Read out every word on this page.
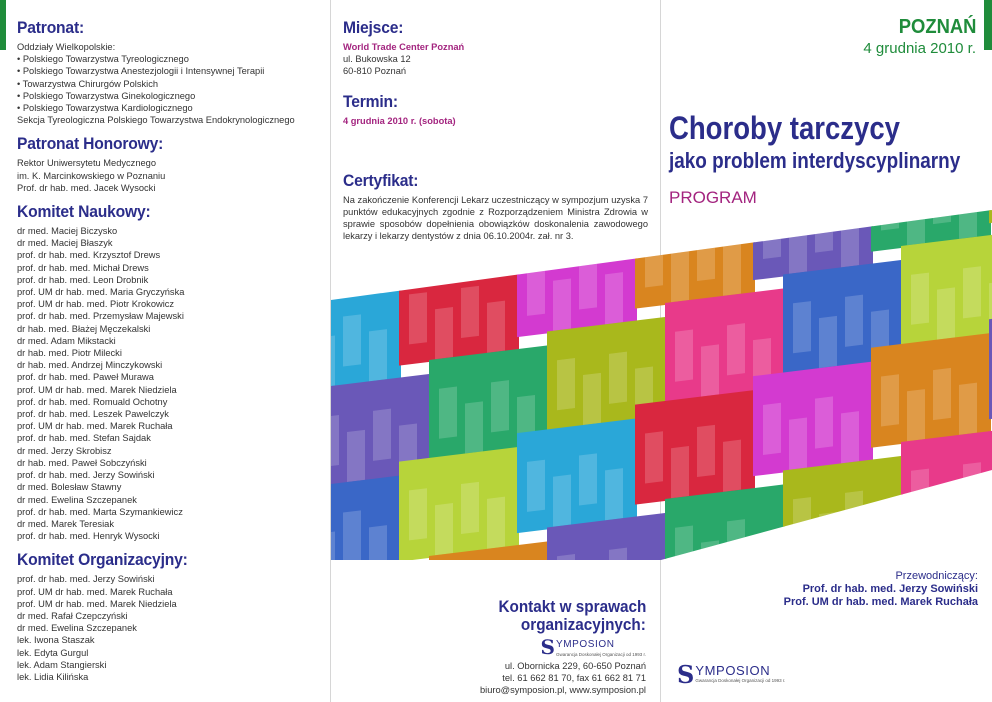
Patronat:
Oddziały Wielkopolskie:
• Polskiego Towarzystwa Tyreologicznego
• Polskiego Towarzystwa Anestezjologii i Intensywnej Terapii
• Towarzystwa Chirurgów Polskich
• Polskiego Towarzystwa Ginekologicznego
• Polskiego Towarzystwa Kardiologicznego
Sekcja Tyreologiczna Polskiego Towarzystwa Endokrynologicznego
Patronat Honorowy:
Rektor Uniwersytetu Medycznego
im. K. Marcinkowskiego w Poznaniu
Prof. dr hab. med. Jacek Wysocki
Komitet Naukowy:
dr med. Maciej Biczysko
dr med. Maciej Błaszyk
prof. dr hab. med. Krzysztof Drews
prof. dr hab. med. Michał Drews
prof. dr hab. med. Leon Drobnik
prof. UM dr hab. med. Maria Gryczyńska
prof. UM dr hab. med. Piotr Krokowicz
prof. dr hab. med. Przemysław Majewski
dr hab. med. Błażej Męczekalski
dr med. Adam Mikstacki
dr hab. med. Piotr Milecki
dr hab. med. Andrzej Minczykowski
prof. dr hab. med. Paweł Murawa
prof. UM dr hab. med. Marek Niedziela
prof. dr hab. med. Romuald Ochotny
prof. dr hab. med. Leszek Pawelczyk
prof. UM dr hab. med. Marek Ruchała
prof. dr hab. med. Stefan Sajdak
dr med. Jerzy Skrobisz
dr hab. med. Paweł Sobczyński
prof. dr hab. med. Jerzy Sowiński
dr med. Bolesław Stawny
dr med. Ewelina Szczepanek
prof. dr hab. med. Marta Szymankiewicz
dr med. Marek Teresiak
prof. dr hab. med. Henryk Wysocki
Komitet Organizacyjny:
prof. dr hab. med. Jerzy Sowiński
prof. UM dr hab. med. Marek Ruchała
prof. UM dr hab. med. Marek Niedziela
dr med. Rafał Czepczyński
dr med. Ewelina Szczepanek
lek. Iwona Staszak
lek. Edyta Gurgul
lek. Adam Stangierski
lek. Lidia Kilińska
Miejsce:
World Trade Center Poznań
ul. Bukowska 12
60-810 Poznań
Termin:
4 grudnia 2010 r. (sobota)
Certyfikat:
Na zakończenie Konferencji Lekarz uczestniczący w sympozjum uzyska 7 punktów edukacyjnych zgodnie z Rozporządzeniem Ministra Zdrowia w sprawie sposobów dopełnienia obowiązków doskonalenia zawodowego lekarzy i lekarzy dentystów z dnia 06.10.2004r. zał. nr 3.
Kontakt w sprawach
organizacyjnych:
S YMPOSION
Gwarancja Doskonałej Organizacji od 1993 r.
ul. Obornicka 229, 60-650 Poznań
tel. 61 662 81 70, fax 61 662 81 71
biuro@symposion.pl, www.symposion.pl
POZNAŃ
4 grudnia 2010 r.
Choroby tarczycy
jako problem interdyscyplinarny
PROGRAM
Przewodniczący:
Prof. dr hab. med. Jerzy Sowiński
Prof. UM dr hab. med. Marek Ruchała
S YMPOSION
Gwarancja Doskonałej Organizacji od 1993 r.
